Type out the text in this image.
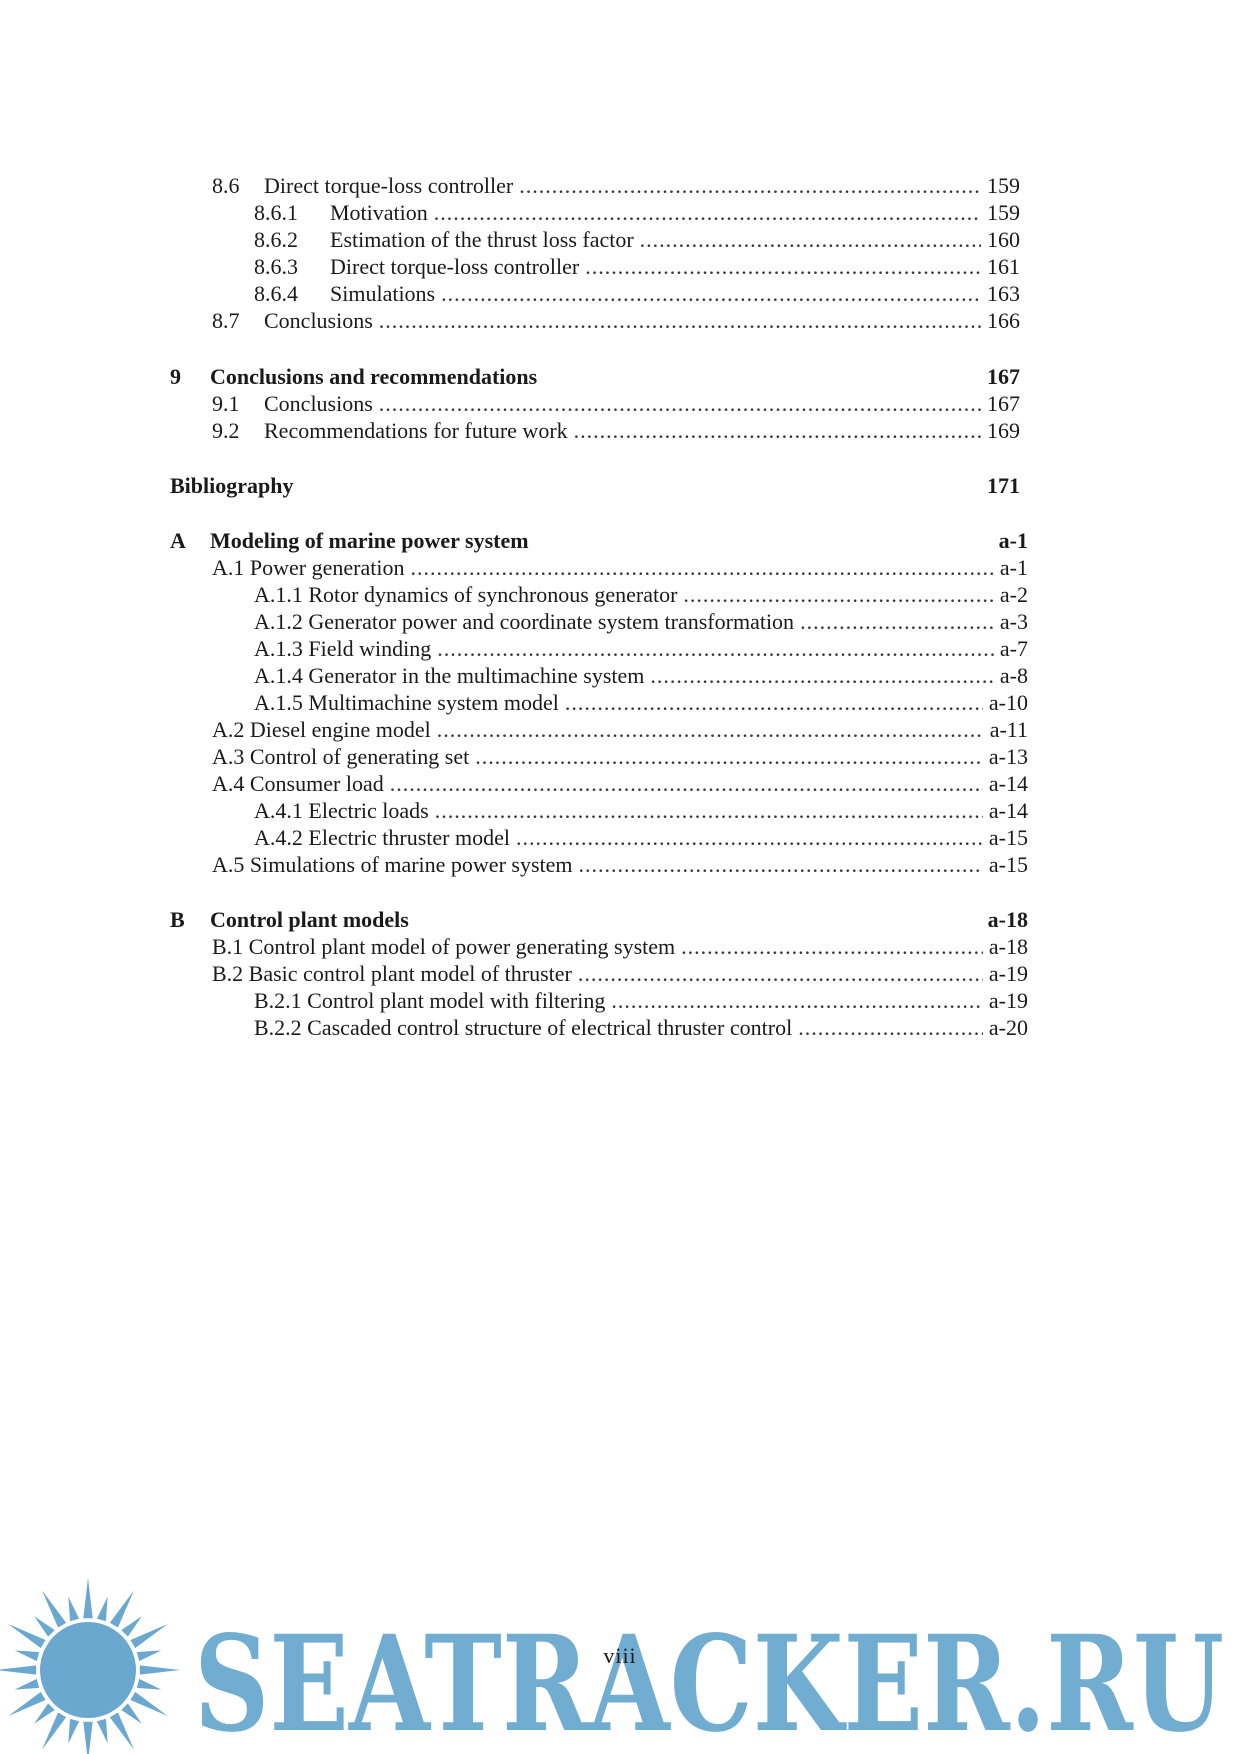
8.6	Direct torque-loss controller .....	159
8.6.1	Motivation .....	159
8.6.2	Estimation of the thrust loss factor .....	160
8.6.3	Direct torque-loss controller .....	161
8.6.4	Simulations .....	163
8.7	Conclusions .....	166
9	Conclusions and recommendations	167
9.1	Conclusions .....	167
9.2	Recommendations for future work .....	169
Bibliography	171
A	Modeling of marine power system	a-1
A.1 Power generation .....	a-1
A.1.1 Rotor dynamics of synchronous generator .....	a-2
A.1.2 Generator power and coordinate system transformation .....	a-3
A.1.3 Field winding .....	a-7
A.1.4 Generator in the multimachine system .....	a-8
A.1.5 Multimachine system model .....	a-10
A.2 Diesel engine model .....	a-11
A.3 Control of generating set .....	a-13
A.4 Consumer load .....	a-14
A.4.1 Electric loads .....	a-14
A.4.2 Electric thruster model .....	a-15
A.5 Simulations of marine power system .....	a-15
B	Control plant models	a-18
B.1 Control plant model of power generating system .....	a-18
B.2 Basic control plant model of thruster .....	a-19
B.2.1 Control plant model with filtering .....	a-19
B.2.2 Cascaded control structure of electrical thruster control .....	a-20
SEATRACKER.RU
viii
